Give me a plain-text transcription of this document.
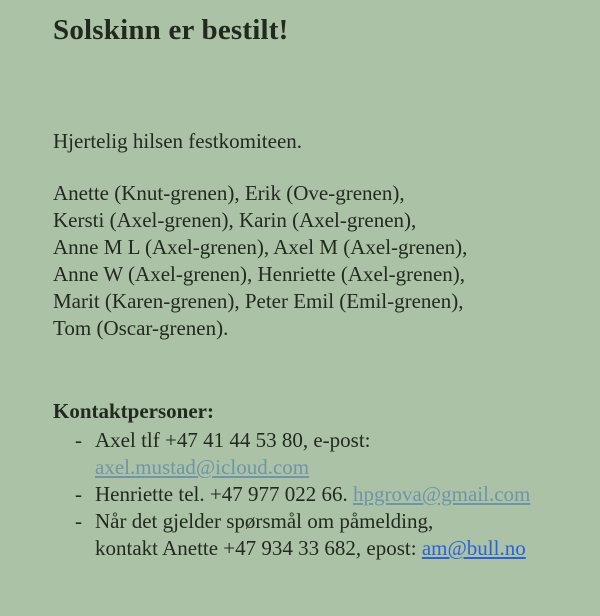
Solskinn er bestilt!

Hjertelig hilsen festkomiteen.

Anette (Knut-grenen), Erik (Ove-grenen),
Kersti (Axel-grenen), Karin (Axel-grenen),
Anne M L (Axel-grenen), Axel M (Axel-grenen),
Anne W (Axel-grenen), Henriette (Axel-grenen),
Marit (Karen-grenen), Peter Emil (Emil-grenen),
Tom (Oscar-grenen).
Kontaktpersoner:
- Axel tlf +47 41 44 53 80, e-post:
axel.mustad@icloud.com
- Henriette tel. +47 977 022 66. hpgrova@gmail.com
- Når det gjelder spørsmål om påmelding,
kontakt Anette +47 934 33 682, epost: am@bull.no
